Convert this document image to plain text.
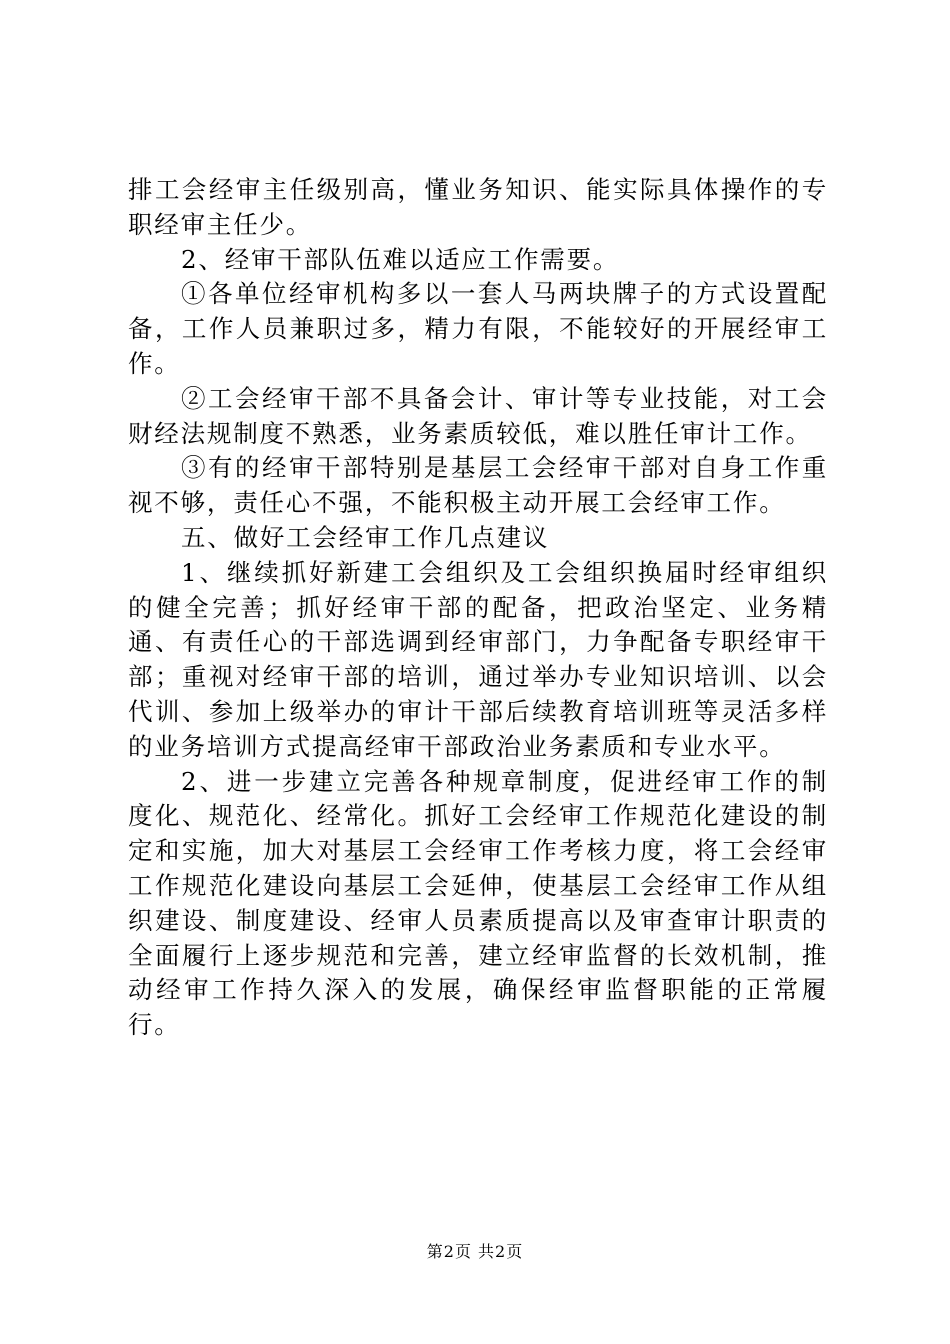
排工会经审主任级别高，懂业务知识、能实际具体操作的专职经审主任少。

2、经审干部队伍难以适应工作需要。

①各单位经审机构多以一套人马两块牌子的方式设置配备，工作人员兼职过多，精力有限，不能较好的开展经审工作。

②工会经审干部不具备会计、审计等专业技能，对工会财经法规制度不熟悉，业务素质较低，难以胜任审计工作。

③有的经审干部特别是基层工会经审干部对自身工作重视不够，责任心不强，不能积极主动开展工会经审工作。

五、做好工会经审工作几点建议

1、继续抓好新建工会组织及工会组织换届时经审组织的健全完善；抓好经审干部的配备，把政治坚定、业务精通、有责任心的干部选调到经审部门，力争配备专职经审干部；重视对经审干部的培训，通过举办专业知识培训、以会代训、参加上级举办的审计干部后续教育培训班等灵活多样的业务培训方式提高经审干部政治业务素质和专业水平。

2、进一步建立完善各种规章制度，促进经审工作的制度化、规范化、经常化。抓好工会经审工作规范化建设的制定和实施，加大对基层工会经审工作考核力度，将工会经审工作规范化建设向基层工会延伸，使基层工会经审工作从组织建设、制度建设、经审人员素质提高以及审查审计职责的全面履行上逐步规范和完善，建立经审监督的长效机制，推动经审工作持久深入的发展，确保经审监督职能的正常履行。

第2页 共2页
